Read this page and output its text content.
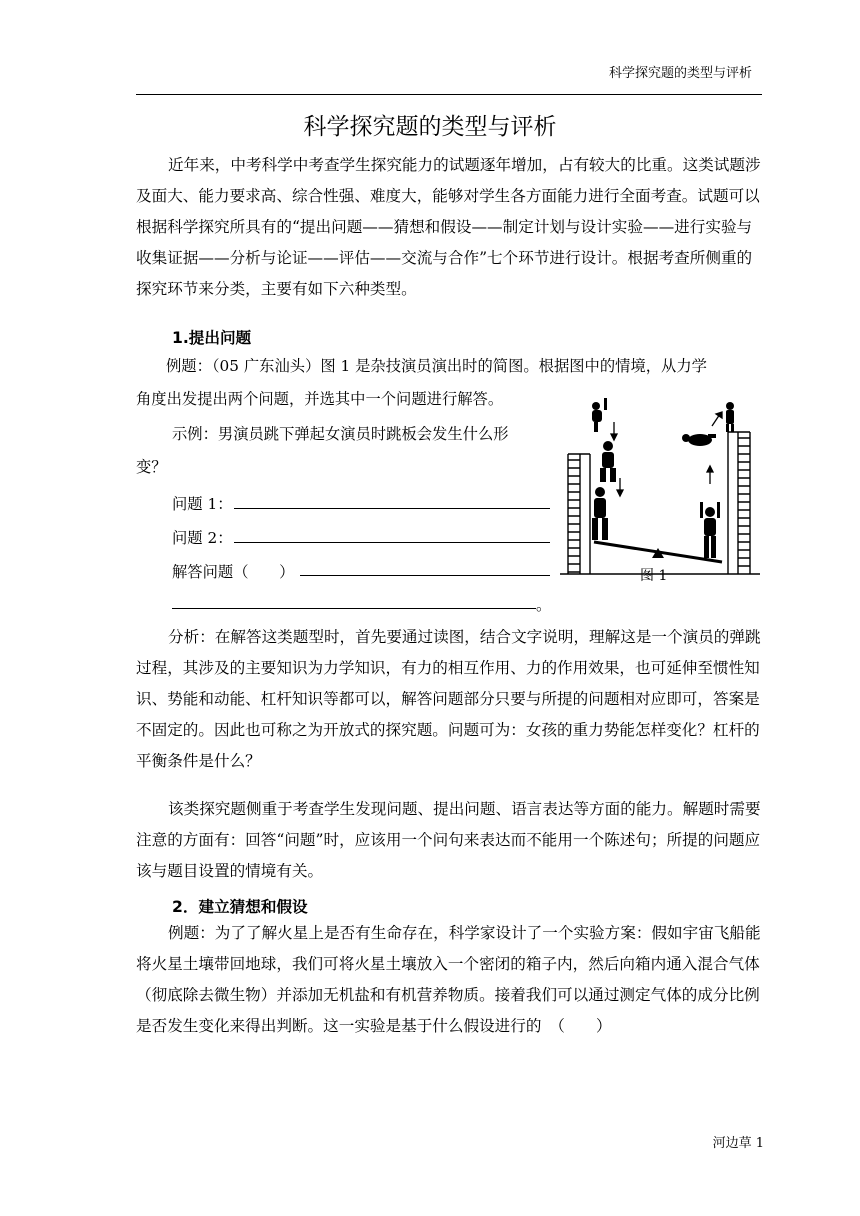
科学探究题的类型与评析
科学探究题的类型与评析
近年来，中考科学中考查学生探究能力的试题逐年增加，占有较大的比重。这类试题涉及面大、能力要求高、综合性强、难度大，能够对学生各方面能力进行全面考查。试题可以根据科学探究所具有的“提出问题——猜想和假设——制定计划与设计实验——进行实验与收集证据——分析与论证——评估——交流与合作”七个环节进行设计。根据考查所侧重的探究环节来分类，主要有如下六种类型。
1.提出问题
例题：（05 广东汕头）图 1 是杂技演员演出时的简图。根据图中的情境，从力学
角度出发提出两个问题，并选其中一个问题进行解答。
示例：男演员跳下弹起女演员时跳板会发生什么形
变？
问题 1：
问题 2：
解答问题（　　）
。
图 1
分析：在解答这类题型时，首先要通过读图，结合文字说明，理解这是一个演员的弹跳过程，其涉及的主要知识为力学知识，有力的相互作用、力的作用效果，也可延伸至惯性知识、势能和动能、杠杆知识等都可以，解答问题部分只要与所提的问题相对应即可，答案是不固定的。因此也可称之为开放式的探究题。问题可为：女孩的重力势能怎样变化？杠杆的平衡条件是什么？
该类探究题侧重于考查学生发现问题、提出问题、语言表达等方面的能力。解题时需要注意的方面有：回答“问题”时，应该用一个问句来表达而不能用一个陈述句；所提的问题应该与题目设置的情境有关。
2．建立猜想和假设
例题：为了了解火星上是否有生命存在，科学家设计了一个实验方案：假如宇宙飞船能将火星土壤带回地球，我们可将火星土壤放入一个密闭的箱子内，然后向箱内通入混合气体（彻底除去微生物）并添加无机盐和有机营养物质。接着我们可以通过测定气体的成分比例是否发生变化来得出判断。这一实验是基于什么假设进行的　（　　）
河边草 1
